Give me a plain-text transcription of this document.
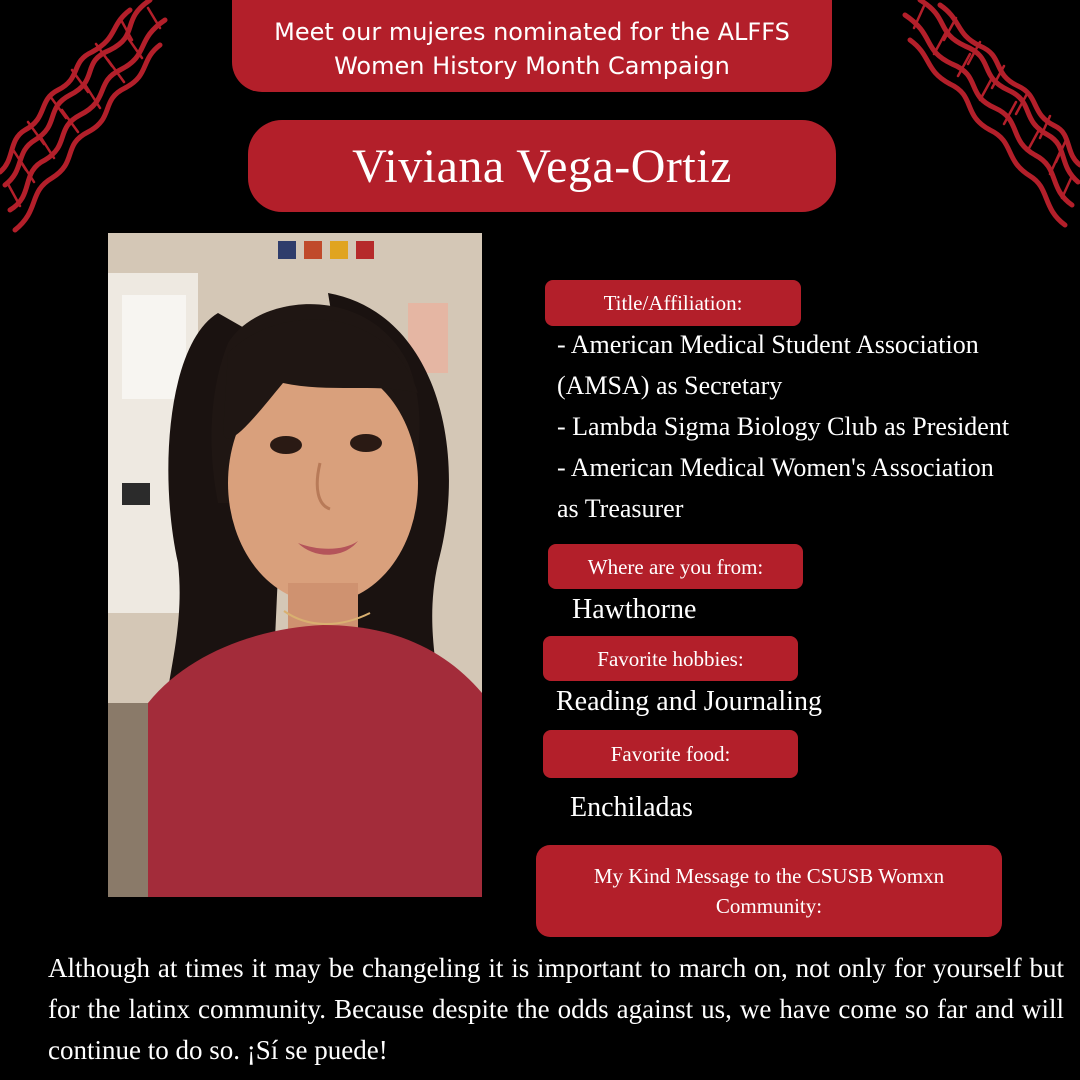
Meet our mujeres nominated for the ALFFS
Women History Month Campaign
Viviana Vega-Ortiz
Title/Affiliation:
- American Medical Student Association
(AMSA) as Secretary
- Lambda Sigma Biology Club as President
- American Medical Women's Association
as Treasurer
Where are you from:
Hawthorne
Favorite hobbies:
Reading and Journaling
Favorite food:
Enchiladas
My Kind Message to the CSUSB Womxn Community:
Although at times it may be changeling it is important to march on, not only for yourself but for the latinx community. Because despite the odds against us, we have come so far and will continue to do so. ¡Sí se puede!
